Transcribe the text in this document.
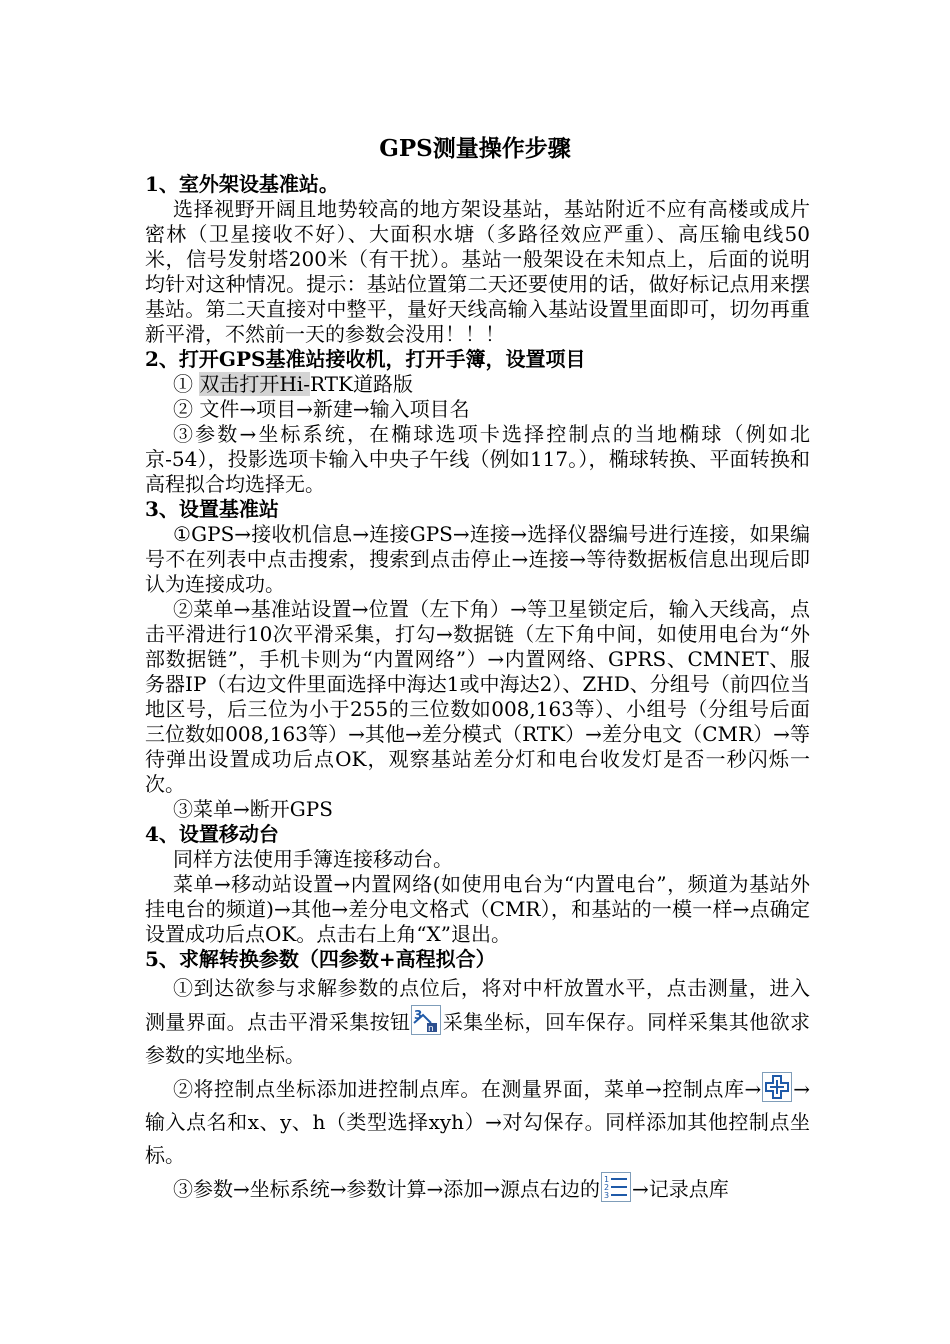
GPS测量操作步骤
1、室外架设基准站。
选择视野开阔且地势较高的地方架设基站，基站附近不应有高楼或成片密林（卫星接收不好）、大面积水塘（多路径效应严重）、高压输电线50米，信号发射塔200米（有干扰）。基站一般架设在未知点上，后面的说明均针对这种情况。提示：基站位置第二天还要使用的话，做好标记点用来摆基站。第二天直接对中整平，量好天线高输入基站设置里面即可，切勿再重新平滑，不然前一天的参数会没用！！！
2、打开GPS基准站接收机，打开手簿，设置项目
① 双击打开Hi-RTK道路版
② 文件→项目→新建→输入项目名
③参数→坐标系统，在椭球选项卡选择控制点的当地椭球（例如北京-54），投影选项卡输入中央子午线（例如117。），椭球转换、平面转换和高程拟合均选择无。
3、设置基准站
①GPS→接收机信息→连接GPS→连接→选择仪器编号进行连接，如果编号不在列表中点击搜索，搜索到点击停止→连接→等待数据板信息出现后即认为连接成功。
②菜单→基准站设置→位置（左下角）→等卫星锁定后，输入天线高，点击平滑进行10次平滑采集，打勾→数据链（左下角中间，如使用电台为“外部数据链”，手机卡则为“内置网络”）→内置网络、GPRS、CMNET、服务器IP（右边文件里面选择中海达1或中海达2）、ZHD、分组号（前四位当地区号，后三位为小于255的三位数如008,163等）、小组号（分组号后面三位数如008,163等）→其他→差分模式（RTK）→差分电文（CMR）→等待弹出设置成功后点OK，观察基站差分灯和电台收发灯是否一秒闪烁一次。
③菜单→断开GPS
4、设置移动台
同样方法使用手簿连接移动台。
菜单→移动站设置→内置网络(如使用电台为“内置电台”，频道为基站外挂电台的频道)→其他→差分电文格式（CMR），和基站的一模一样→点确定设置成功后点OK。点击右上角“X”退出。
5、求解转换参数（四参数+高程拟合）
①到达欲参与求解参数的点位后，将对中杆放置水平，点击测量，进入测量界面。点击平滑采集按钮 3
n 采集坐标，回车保存。同样采集其他欲求参数的实地坐标。
②将控制点坐标添加进控制点库。在测量界面，菜单→控制点库→ →输入点名和x、y、h（类型选择xyh）→对勾保存。同样添加其他控制点坐标。
③参数→坐标系统→参数计算→添加→源点右边的 1
2
3 →记录点库
